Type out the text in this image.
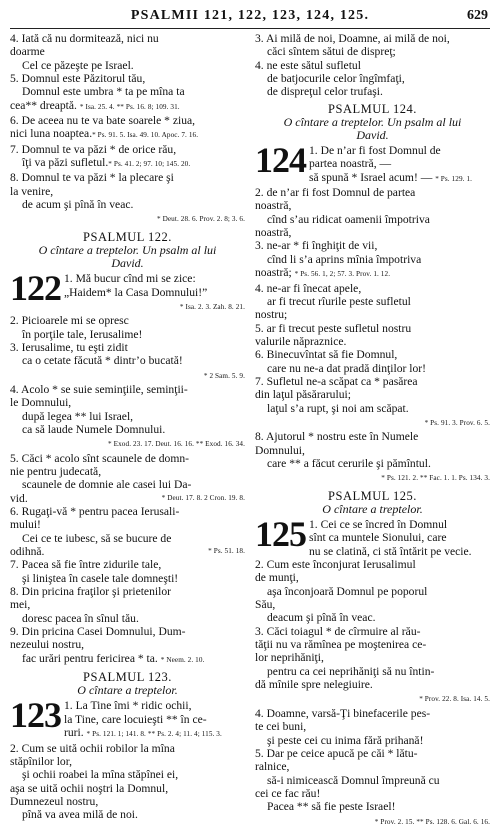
PSALMII 121, 122, 123, 124, 125.	629

4. Iată că nu dormitează, nici nu

doarme

Cel ce păzeşte pe Israel.

5. Domnul este Păzitorul tău,

Domnul este umbra * ta pe mîna ta

cea** dreaptă. * Isa. 25. 4. ** Ps. 16. 8; 109. 31.

6. De aceea nu te va bate soarele * ziua,

nici luna noaptea.* Ps. 91. 5. Isa. 49. 10. Apoc. 7. 16.

7. Domnul te va păzi * de orice rău,

îţi va păzi sufletul.* Ps. 41. 2; 97. 10; 145. 20.

8. Domnul te va păzi * la plecare şi

la venire,

de acum şi pînă în veac.

* Deut. 28. 6. Prov. 2. 8; 3. 6.

PSALMUL 122.
O cîntare a treptelor. Un psalm al lui
David.
122 1. Mă bucur cînd mi se zice:

„Haidem* la Casa Domnului!”

* Isa. 2. 3. Zah. 8. 21.

2. Picioarele mi se opresc

în porţile tale, Ierusalime!

3. Ierusalime, tu eşti zidit

ca o cetate făcută * dintr’o bucată!

* 2 Sam. 5. 9.

4. Acolo * se suie seminţiile, seminţii-

le Domnului,

după legea ** lui Israel,

ca să laude Numele Domnului.

* Exod. 23. 17. Deut. 16. 16. ** Exod. 16. 34.

5. Căci * acolo sînt scaunele de domn-

nie pentru judecată,

scaunele de domnie ale casei lui Da-

vid.	* Deut. 17. 8. 2 Cron. 19. 8.

6. Rugaţi-vă * pentru pacea Ierusali-

mului!

Cei ce te iubesc, să se bucure de

odihnă.	* Ps. 51. 18.

7. Pacea să fie între zidurile tale,

şi linişteа în casele tale domneşti!

8. Din pricina fraţilor şi prietenilor

mei,

doresc pacea în sînul tău.

9. Din pricina Casei Domnului, Dum-

nezeului nostru,

fac urări pentru fericirea * ta. * Neem. 2. 10.

PSALMUL 123.
O cîntare a treptelor.
123 1. La Tine îmi * ridic ochii,

la Tine, care locuieşti ** în ce-

ruri. * Ps. 121. 1; 141. 8. ** Ps. 2. 4; 11. 4; 115. 3.

2. Cum se uită ochii robilor la mîna

stăpînilor lor,

şi ochii roabei la mîna stăpînei ei,

aşa se uită ochii noştri la Domnul,

Dumnezeul nostru,

pînă va avea milă de noi.

3. Ai milă de noi, Doamne, ai milă de noi,

căci sîntem sătui de dispreţ;

4. ne este sătul sufletul

de batjocurile celor îngîmfaţi,

de dispreţul celor trufaşi.

PSALMUL 124.
O cîntare a treptelor. Un psalm al lui
David.
124 1. De n’ar fi fost Domnul de

partea noastră, —

să spună * Israel acum! — * Ps. 129. 1.

2. de n’ar fi fost Domnul de partea

noastră,

cînd s’au ridicat oamenii împotriva

noastră,

3. ne-ar * fi înghiţit de vii,

cînd li s’a aprins mînia împotriva

noastră; * Ps. 56. 1, 2; 57. 3. Prov. 1. 12.

4. ne-ar fi înecat apele,

ar fi trecut rîurile peste sufletul

nostru;

5. ar fi trecut peste sufletul nostru

valurile năpraznice.

6. Binecuvîntat să fie Domnul,

care nu ne-a dat pradă dinţilor lor!

7. Sufletul ne-a scăpat ca * pasărea

din laţul păsărarului;

laţul s’a rupt, şi noi am scăpat.

* Ps. 91. 3. Prov. 6. 5.

8. Ajutorul * nostru este în Numele

Domnului,

care ** a făcut cerurile şi pămîntul.

* Ps. 121. 2. ** Fac. 1. 1. Ps. 134. 3.

PSALMUL 125.
O cîntare a treptelor.
125 1. Cei ce se încred în Domnul

sînt ca muntele Sionului, care

nu se clatină, ci stă întărit pe vecie.

2. Cum este înconjurat Ierusalimul

de munţi,

aşa înconjoară Domnul pe poporul

Său,

deacum şi pînă în veac.

3. Căci toiagul * de cîrmuire al rău-

tăţii nu va rămînea pe moştenirea ce-

lor neprihăniţi,

pentru ca cei neprihăniţi să nu întin-

dă mînile spre nelegiuire.

* Prov. 22. 8. Isa. 14. 5.

4. Doamne, varsă-Ţi binefacerile pes-

te cei buni,

şi peste cei cu inima fără prihană!

5. Dar pe ceice apucă pe căi * lătu-

ralnice,

să-i nimicească Domnul împreună cu

cei ce fac rău!

Pacea ** să fie peste Israel!

* Prov. 2. 15. ** Ps. 128. 6. Gal. 6. 16.
